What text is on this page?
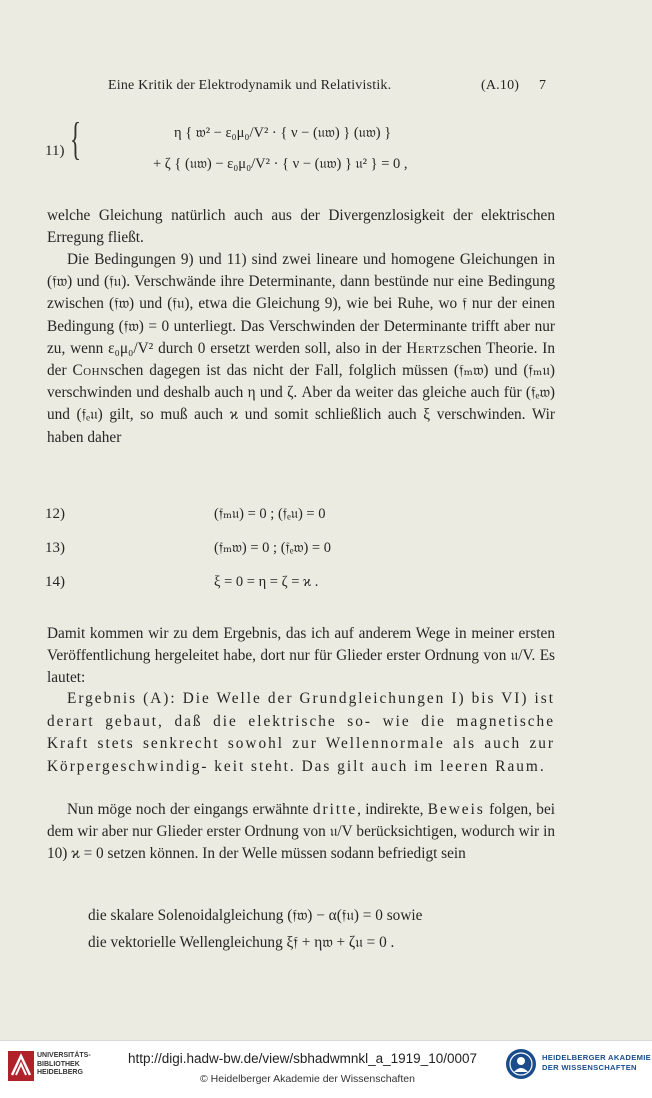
Eine Kritik der Elektrodynamik und Relativistik.	(A.10) 7
11) {	η { 𝔴² − ε₀μ₀/V² · { ν − (𝔲𝔴) } (𝔲𝔴) }
+ ζ { (𝔲𝔴) − ε₀μ₀/V² · { ν − (𝔲𝔴) } 𝔲² } = 0 ,

welche Gleichung natürlich auch aus der Divergenzlosigkeit der elektrischen Erregung fließt.

Die Bedingungen 9) und 11) sind zwei lineare und homogene Gleichungen in (𝔣𝔴) und (𝔣𝔲). Verschwände ihre Determinante, dann bestünde nur eine Bedingung zwischen (𝔣𝔴) und (𝔣𝔲), etwa die Gleichung 9), wie bei Ruhe, wo 𝔣 nur der einen Bedingung (𝔣𝔴) = 0 unterliegt. Das Verschwinden der Determinante trifft aber nur zu, wenn ε₀μ₀/V² durch 0 ersetzt werden soll, also in der Hertzschen Theorie. In der Cohnschen dagegen ist das nicht der Fall, folglich müssen (𝔣ₘ𝔴) und (𝔣ₘ𝔲) verschwinden und deshalb auch η und ζ. Aber da weiter das gleiche auch für (𝔣ₑ𝔴) und (𝔣ₑ𝔲) gilt, so muß auch ϰ und somit schließlich auch ξ verschwinden. Wir haben daher

12)	(𝔣ₘ𝔲) = 0 ; (𝔣ₑ𝔲) = 0
13)	(𝔣ₘ𝔴) = 0 ; (𝔣ₑ𝔴) = 0
14)	ξ = 0 = η = ζ = ϰ .

Damit kommen wir zu dem Ergebnis, das ich auf anderem Wege in meiner ersten Veröffentlichung hergeleitet habe, dort nur für Glieder erster Ordnung von 𝔲/V. Es lautet:

Ergebnis (A): Die Welle der Grundgleichungen I) bis VI) ist derart gebaut, daß die elektrische so- wie die magnetische Kraft stets senkrecht sowohl zur Wellennormale als auch zur Körpergeschwindig- keit steht. Das gilt auch im leeren Raum.

Nun möge noch der eingangs erwähnte dritte, indirekte, Beweis folgen, bei dem wir aber nur Glieder erster Ordnung von 𝔲/V berücksichtigen, wodurch wir in 10) ϰ = 0 setzen können. In der Welle müssen sodann befriedigt sein

die skalare Solenoidalgleichung (𝔣𝔴) − α(𝔣𝔲) = 0 sowie
die vektorielle Wellengleichung ξ𝔣 + η𝔴 + ζ𝔲 = 0 .
UNIVERSITÄTS-
BIBLIOTHEK
HEIDELBERG
http://digi.hadw-bw.de/view/sbhadwmnkl_a_1919_10/0007
© Heidelberger Akademie der Wissenschaften
HEIDELBERGER AKADEMIE
DER WISSENSCHAFTEN
